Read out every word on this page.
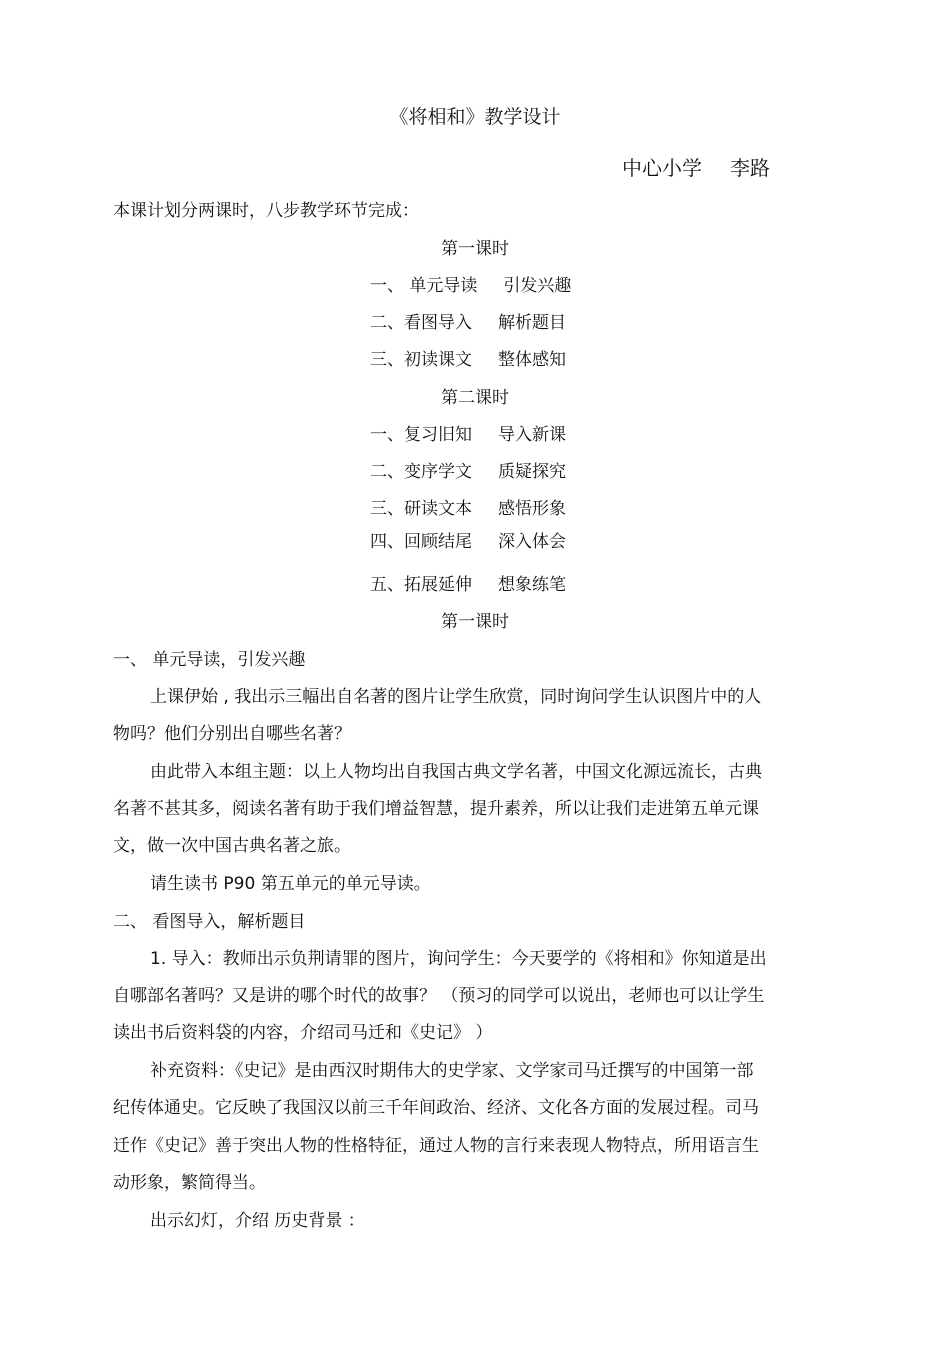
《将相和》教学设计
中心小学 李路
本课计划分两课时，八步教学环节完成：
第一课时
一、 单元导读 引发兴趣
二、看图导入 解析题目
三、初读课文 整体感知
第二课时
一、复习旧知 导入新课
二、变序学文 质疑探究
三、研读文本 感悟形象
四、回顾结尾 深入体会
五、拓展延伸 想象练笔
第一课时
一、 单元导读，引发兴趣
上课伊始 , 我出示三幅出自名著的图片让学生欣赏，同时询问学生认识图片中的人
物吗？他们分别出自哪些名著？
由此带入本组主题：以上人物均出自我国古典文学名著，中国文化源远流长，古典
名著不甚其多，阅读名著有助于我们增益智慧，提升素养，所以让我们走进第五单元课
文，做一次中国古典名著之旅。
请生读书 P90 第五单元的单元导读。
二、 看图导入，解析题目
1. 导入：教师出示负荆请罪的图片，询问学生：今天要学的《将相和》你知道是出
自哪部名著吗？又是讲的哪个时代的故事？ （预习的同学可以说出，老师也可以让学生
读出书后资料袋的内容，介绍司马迁和《史记》 ）
补充资料：《史记》是由西汉时期伟大的史学家、文学家司马迁撰写的中国第一部
纪传体通史。它反映了我国汉以前三千年间政治、经济、文化各方面的发展过程。司马
迁作《史记》善于突出人物的性格特征，通过人物的言行来表现人物特点，所用语言生
动形象，繁简得当。
出示幻灯，介绍 历史背景 ：
